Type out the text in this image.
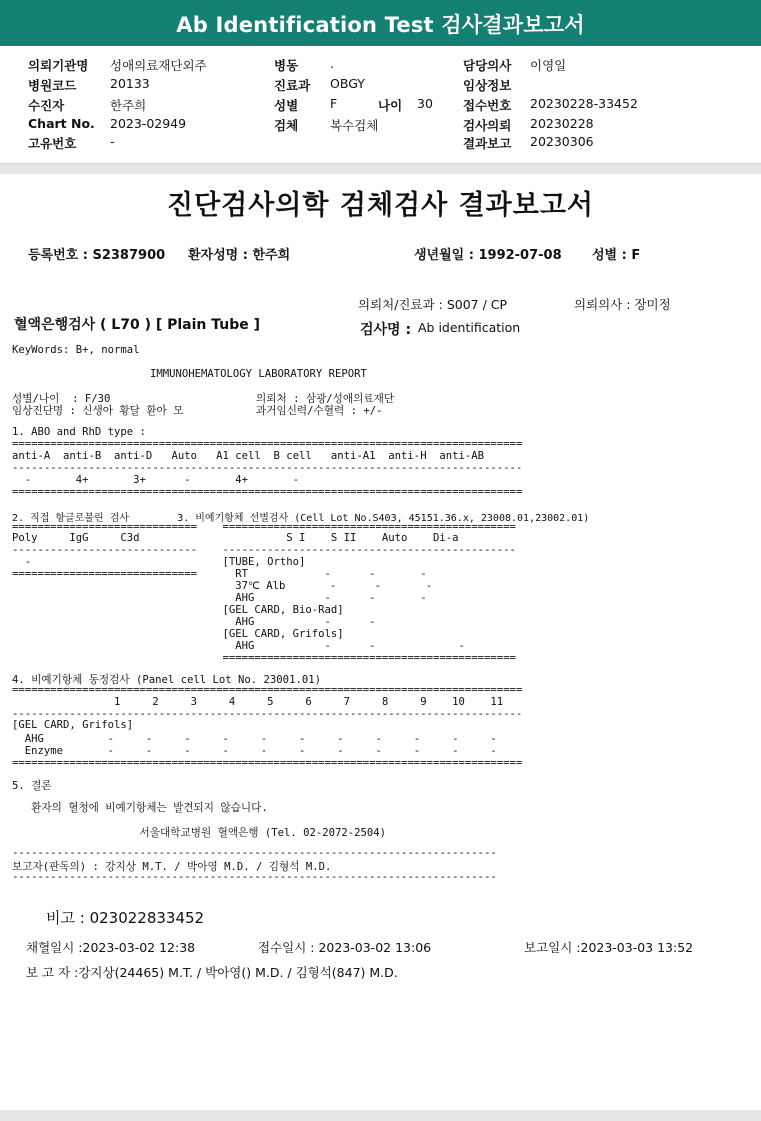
Ab Identification Test 검사결과보고서
의뢰기관명 성애의료재단외주
병원코드	20133
수진자	한주희
Chart No. 2023-02949
고유번호	-
병동	.
진료과 OBGY
성별	F	나이 30
검체	복수검체
담당의사 이영일
임상정보
접수번호 20230228-33452
검사의뢰 20230228
결과보고 20230306
진단검사의학 검체검사 결과보고서
등록번호 : S2387900 환자성명 : 한주희	생년월일 : 1992-07-08 성별 : F
의뢰처/진료과 : S007 / CP	의뢰의사 : 장미정
혈액은행검사 ( L70 ) [ Plain Tube ]	검사명 : Ab identification
KeyWords: B+, normal
IMMUNOHEMATOLOGY LABORATORY REPORT
성별/나이  : F/30
임상진단명 : 신생아 황달 환아 모
의뢰처 : 삼광/성애의료재단
과거임신력/수혈력 : +/-
1. ABO and RhD type :
================================================================================
anti-A  anti-B  anti-D   Auto   A1 cell  B cell   anti-A1  anti-H  anti-AB
--------------------------------------------------------------------------------
-       4+       3+      -       4+       -
================================================================================
2. 직접 항글로불린 검사        3. 비예기항체 선별검사 (Cell Lot No.S403, 45151.36.x, 23008.01,23002.01)
=============================    ==============================================
Poly     IgG     C3d                       S I    S II    Auto    Di-a
-----------------------------    ----------------------------------------------
-                              [TUBE, Ortho]
=============================      RT            -      -       -
37℃ Alb       -      -       -
AHG           -      -       -
[GEL CARD, Bio-Rad]
AHG           -      -
[GEL CARD, Grifols]
AHG           -      -             -
==============================================
4. 비예기항체 동정검사 (Panel cell Lot No. 23001.01)
================================================================================
1     2     3     4     5     6     7     8     9    10    11
--------------------------------------------------------------------------------
[GEL CARD, Grifols]
AHG          -     -     -     -     -     -     -     -     -     -     -
Enzyme       -     -     -     -     -     -     -     -     -     -     -
================================================================================
5. 결론
환자의 혈청에 비예기항체는 발견되지 않습니다.
서울대학교병원 혈액은행 (Tel. 02-2072-2504)
----------------------------------------------------------------------------
보고자(판독의) : 강지상 M.T. / 박아영 M.D. / 김형석 M.D.
----------------------------------------------------------------------------
비고 : 023022833452
채혈일시 :2023-03-02 12:38	접수일시 : 2023-03-02 13:06	보고일시 :2023-03-03 13:52
보 고 자 :강지상(24465) M.T. / 박아영() M.D. / 김형석(847) M.D.
